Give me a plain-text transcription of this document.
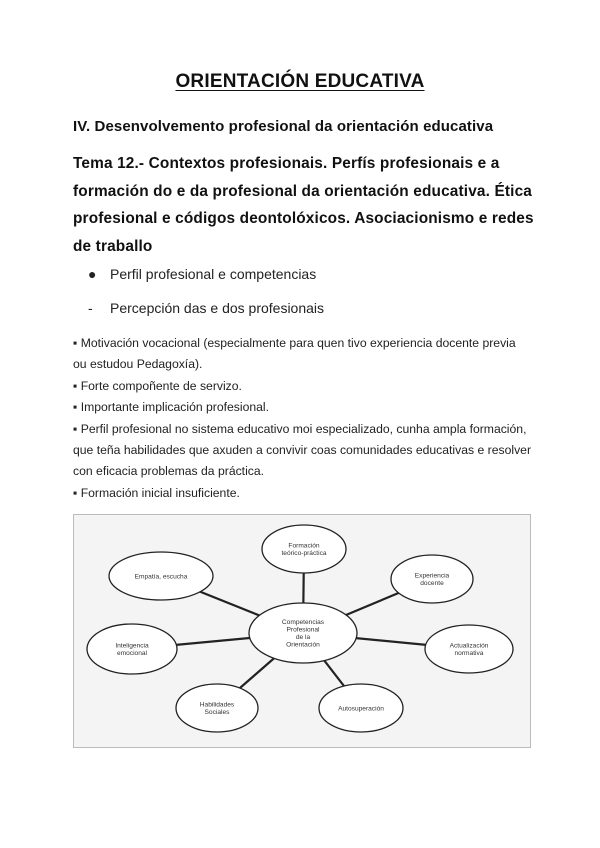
ORIENTACIÓN EDUCATIVA
IV. Desenvolvemento profesional da orientación educativa
Tema 12.- Contextos profesionais. Perfís profesionais e a
formación do e da profesional da orientación educativa. Ética
profesional e códigos deontolóxicos. Asociacionismo e redes
de traballo
● Perfil profesional e competencias
-	Percepción das e dos profesionais
▪ Motivación vocacional (especialmente para quen tivo experiencia docente previa
ou estudou Pedagoxía).
▪ Forte compoñente de servizo.
▪ Importante implicación profesional.
▪ Perfil profesional no sistema educativo moi especializado, cunha ampla formación,
que teña habilidades que axuden a convivir coas comunidades educativas e resolver
con eficacia problemas da práctica.
▪ Formación inicial insuficiente.
Formación
teórico-práctica
Experiencia
docente
Actualización
normativa
Autosuperación
Habilidades
Sociales
Inteligencia
emocional
Empatía, escucha
Competencias
Profesional
de la
Orientación
